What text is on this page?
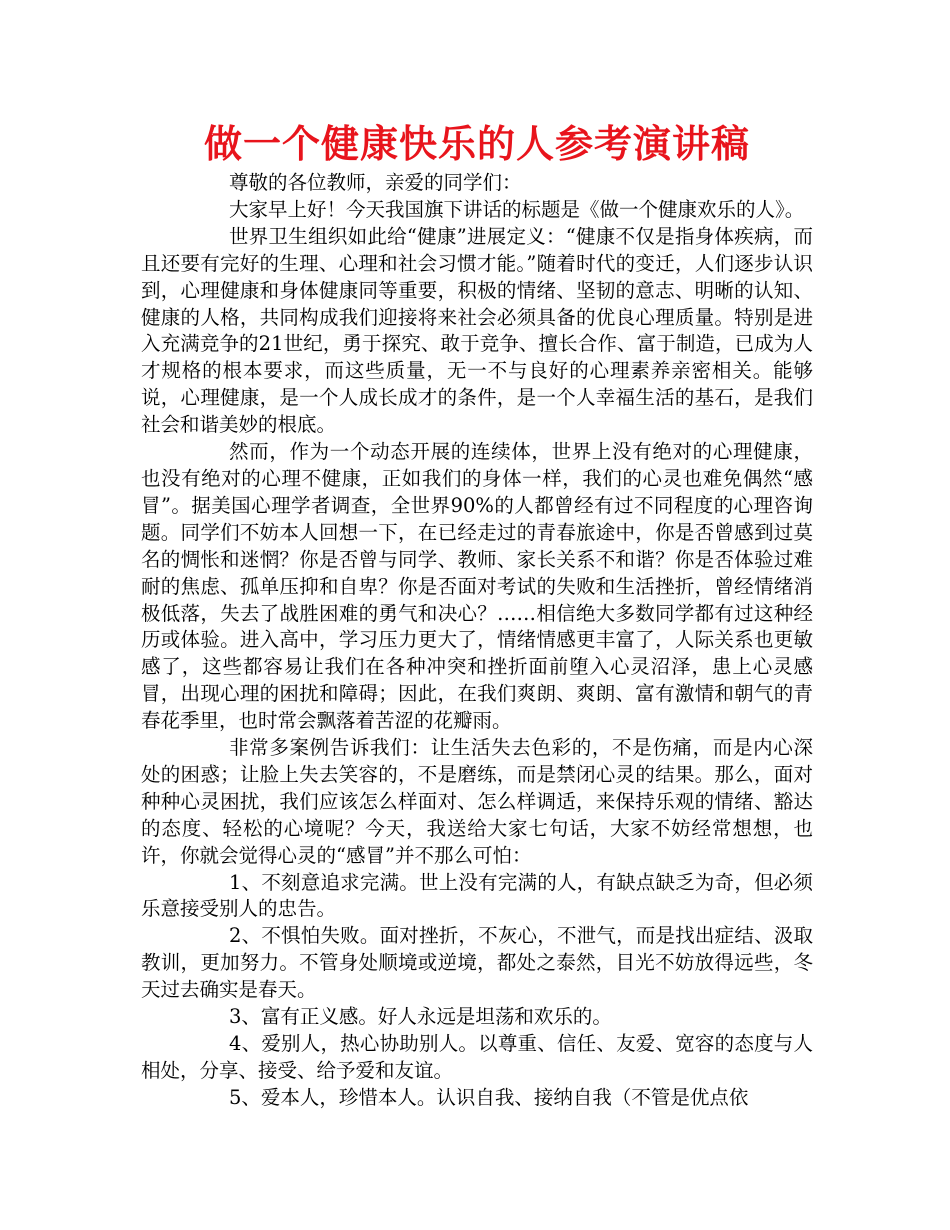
做一个健康快乐的人参考演讲稿

尊敬的各位教师，亲爱的同学们：

大家早上好！今天我国旗下讲话的标题是《做一个健康欢乐的人》。

世界卫生组织如此给“健康”进展定义：“健康不仅是指身体疾病，而且还要有完好的生理、心理和社会习惯才能。”随着时代的变迁，人们逐步认识到，心理健康和身体健康同等重要，积极的情绪、坚韧的意志、明晰的认知、健康的人格，共同构成我们迎接将来社会必须具备的优良心理质量。特别是进入充满竞争的21世纪，勇于探究、敢于竞争、擅长合作、富于制造，已成为人才规格的根本要求，而这些质量，无一不与良好的心理素养亲密相关。能够说，心理健康，是一个人成长成才的条件，是一个人幸福生活的基石，是我们社会和谐美妙的根底。

然而，作为一个动态开展的连续体，世界上没有绝对的心理健康，也没有绝对的心理不健康，正如我们的身体一样，我们的心灵也难免偶然“感冒”。据美国心理学者调查，全世界90%的人都曾经有过不同程度的心理咨询题。同学们不妨本人回想一下，在已经走过的青春旅途中，你是否曾感到过莫名的惆怅和迷惘？你是否曾与同学、教师、家长关系不和谐？你是否体验过难耐的焦虑、孤单压抑和自卑？你是否面对考试的失败和生活挫折，曾经情绪消极低落，失去了战胜困难的勇气和决心？……相信绝大多数同学都有过这种经历或体验。进入高中，学习压力更大了，情绪情感更丰富了，人际关系也更敏感了，这些都容易让我们在各种冲突和挫折面前堕入心灵沼泽，患上心灵感冒，出现心理的困扰和障碍；因此，在我们爽朗、爽朗、富有激情和朝气的青春花季里，也时常会飘落着苦涩的花瓣雨。

非常多案例告诉我们：让生活失去色彩的，不是伤痛，而是内心深处的困惑；让脸上失去笑容的，不是磨练，而是禁闭心灵的结果。那么，面对种种心灵困扰，我们应该怎么样面对、怎么样调适，来保持乐观的情绪、豁达的态度、轻松的心境呢？今天，我送给大家七句话，大家不妨经常想想，也许，你就会觉得心灵的“感冒”并不那么可怕：

1、不刻意追求完满。世上没有完满的人，有缺点缺乏为奇，但必须乐意接受别人的忠告。

2、不惧怕失败。面对挫折，不灰心，不泄气，而是找出症结、汲取教训，更加努力。不管身处顺境或逆境，都处之泰然，目光不妨放得远些，冬天过去确实是春天。

3、富有正义感。好人永远是坦荡和欢乐的。

4、爱别人，热心协助别人。以尊重、信任、友爱、宽容的态度与人相处，分享、接受、给予爱和友谊。

5、爱本人，珍惜本人。认识自我、接纳自我（不管是优点依
